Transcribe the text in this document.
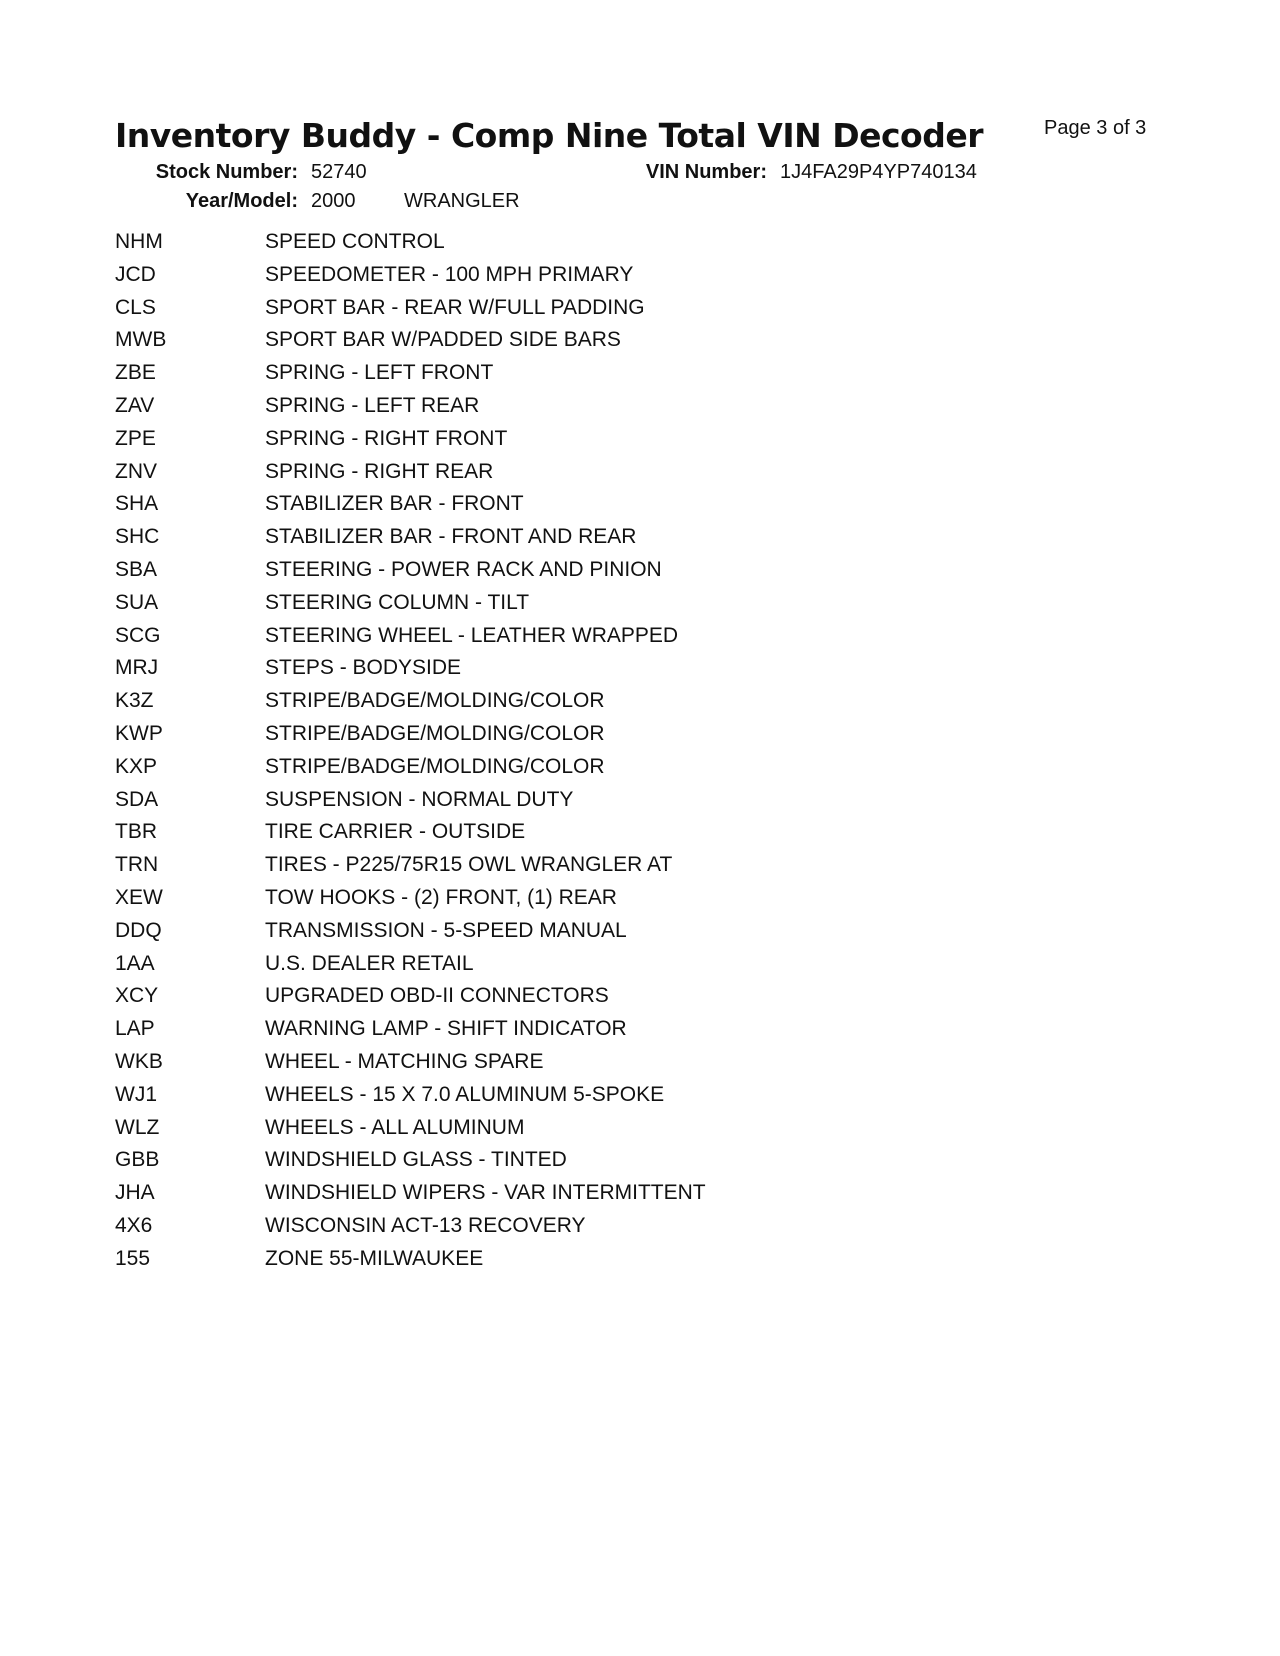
Inventory Buddy - Comp Nine Total VIN Decoder	Page 3 of 3
Stock Number: 52740	VIN Number: 1J4FA29P4YP740134
Year/Model: 2000 WRANGLER
NHM	SPEED CONTROL
JCD	SPEEDOMETER - 100 MPH PRIMARY
CLS	SPORT BAR - REAR W/FULL PADDING
MWB	SPORT BAR W/PADDED SIDE BARS
ZBE	SPRING - LEFT FRONT
ZAV	SPRING - LEFT REAR
ZPE	SPRING - RIGHT FRONT
ZNV	SPRING - RIGHT REAR
SHA	STABILIZER BAR - FRONT
SHC	STABILIZER BAR - FRONT AND REAR
SBA	STEERING - POWER RACK AND PINION
SUA	STEERING COLUMN - TILT
SCG	STEERING WHEEL - LEATHER WRAPPED
MRJ	STEPS - BODYSIDE
K3Z	STRIPE/BADGE/MOLDING/COLOR
KWP	STRIPE/BADGE/MOLDING/COLOR
KXP	STRIPE/BADGE/MOLDING/COLOR
SDA	SUSPENSION - NORMAL DUTY
TBR	TIRE CARRIER - OUTSIDE
TRN	TIRES - P225/75R15 OWL WRANGLER AT
XEW	TOW HOOKS - (2) FRONT, (1) REAR
DDQ	TRANSMISSION - 5-SPEED MANUAL
1AA	U.S. DEALER RETAIL
XCY	UPGRADED OBD-II CONNECTORS
LAP	WARNING LAMP - SHIFT INDICATOR
WKB	WHEEL - MATCHING SPARE
WJ1	WHEELS - 15 X 7.0 ALUMINUM 5-SPOKE
WLZ	WHEELS - ALL ALUMINUM
GBB	WINDSHIELD GLASS - TINTED
JHA	WINDSHIELD WIPERS - VAR INTERMITTENT
4X6	WISCONSIN ACT-13 RECOVERY
155	ZONE 55-MILWAUKEE
